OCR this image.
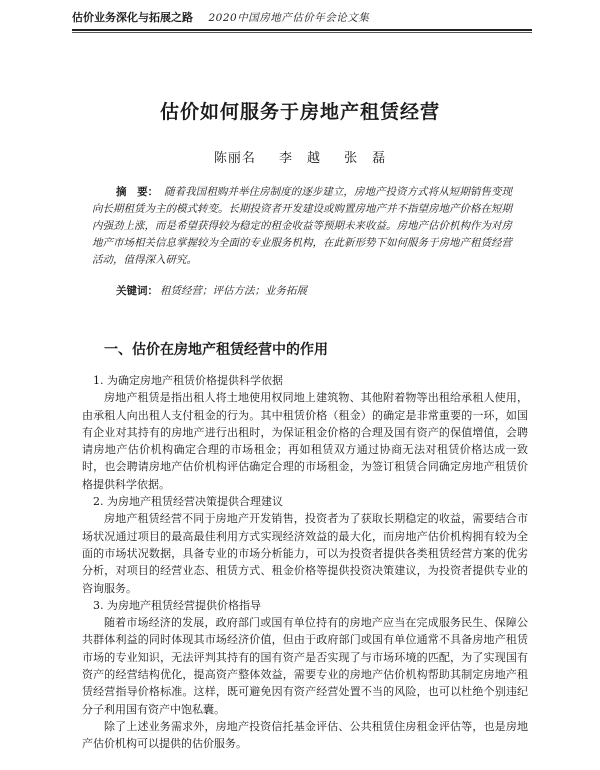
估价业务深化与拓展之路 2020中国房地产估价年会论文集
估价如何服务于房地产租赁经营
陈丽名 李　越 张　磊
摘　要： 随着我国租购并举住房制度的逐步建立，房地产投资方式将从短期销售变现向长期租赁为主的模式转变。长期投资者开发建设或购置房地产并不指望房地产价格在短期内强劲上涨，而是希望获得较为稳定的租金收益等预期未来收益。房地产估价机构作为对房地产市场相关信息掌握较为全面的专业服务机构，在此新形势下如何服务于房地产租赁经营活动，值得深入研究。
关键词： 租赁经营；评估方法；业务拓展
一、估价在房地产租赁经营中的作用

1. 为确定房地产租赁价格提供科学依据

房地产租赁是指出租人将土地使用权同地上建筑物、其他附着物等出租给承租人使用，由承租人向出租人支付租金的行为。其中租赁价格（租金）的确定是非常重要的一环，如国有企业对其持有的房地产进行出租时，为保证租金价格的合理及国有资产的保值增值，会聘请房地产估价机构确定合理的市场租金；再如租赁双方通过协商无法对租赁价格达成一致时，也会聘请房地产估价机构评估确定合理的市场租金，为签订租赁合同确定房地产租赁价格提供科学依据。

2. 为房地产租赁经营决策提供合理建议

房地产租赁经营不同于房地产开发销售，投资者为了获取长期稳定的收益，需要结合市场状况通过项目的最高最佳利用方式实现经济效益的最大化，而房地产估价机构拥有较为全面的市场状况数据，具备专业的市场分析能力，可以为投资者提供各类租赁经营方案的优劣分析，对项目的经营业态、租赁方式、租金价格等提供投资决策建议，为投资者提供专业的咨询服务。

3. 为房地产租赁经营提供价格指导

随着市场经济的发展，政府部门或国有单位持有的房地产应当在完成服务民生、保障公共群体利益的同时体现其市场经济价值，但由于政府部门或国有单位通常不具备房地产租赁市场的专业知识，无法评判其持有的国有资产是否实现了与市场环境的匹配，为了实现国有资产的经营结构优化，提高资产整体效益，需要专业的房地产估价机构帮助其制定房地产租赁经营指导价格标准。这样，既可避免因有资产经营处置不当的风险，也可以杜绝个别违纪分子利用国有资产中饱私囊。

除了上述业务需求外，房地产投资信托基金评估、公共租赁住房租金评估等，也是房地产估价机构可以提供的估价服务。
